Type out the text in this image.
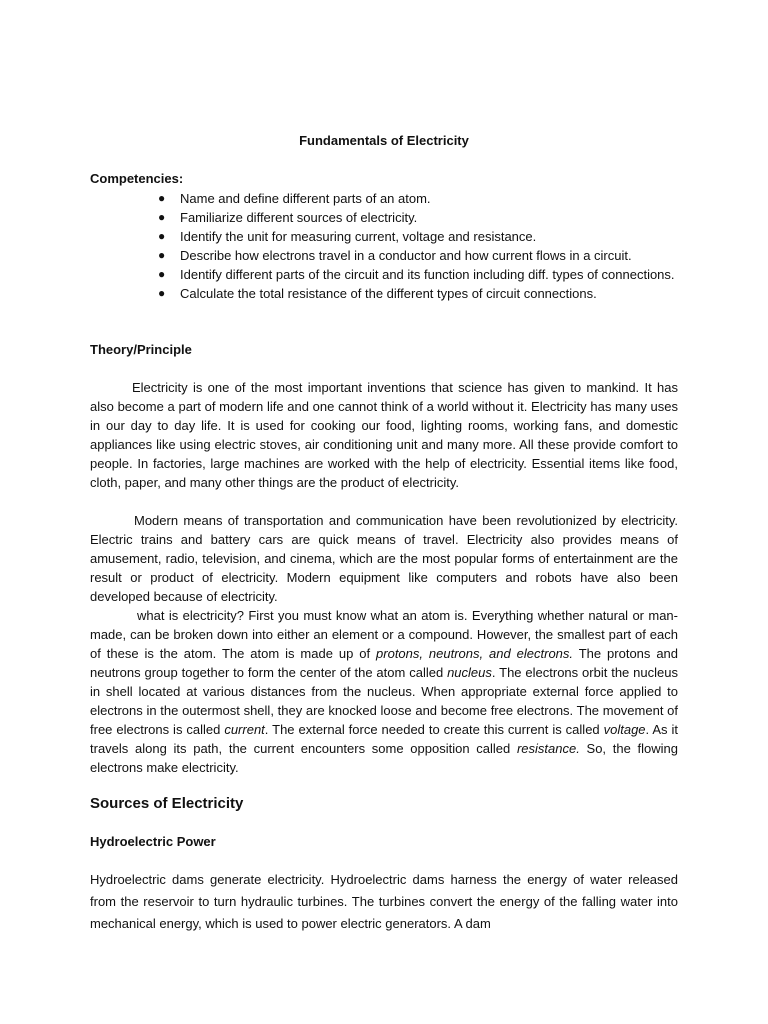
Fundamentals of Electricity
Competencies:
● Name and define different parts of an atom.
● Familiarize different sources of electricity.
● Identify the unit for measuring current, voltage and resistance.
● Describe how electrons travel in a conductor and how current flows in a circuit.
● Identify different parts of the circuit and its function including diff. types of connections.
● Calculate the total resistance of the different types of circuit connections.
Theory/Principle

Electricity is one of the most important inventions that science has given to mankind. It has also become a part of modern life and one cannot think of a world without it. Electricity has many uses in our day to day life. It is used for cooking our food, lighting rooms, working fans, and domestic appliances like using electric stoves, air conditioning unit and many more. All these provide comfort to people. In factories, large machines are worked with the help of electricity. Essential items like food, cloth, paper, and many other things are the product of electricity.

Modern means of transportation and communication have been revolutionized by electricity. Electric trains and battery cars are quick means of travel. Electricity also provides means of amusement, radio, television, and cinema, which are the most popular forms of entertainment are the result or product of electricity. Modern equipment like computers and robots have also been developed because of electricity.

what is electricity? First you must know what an atom is. Everything whether natural or man-made, can be broken down into either an element or a compound. However, the smallest part of each of these is the atom. The atom is made up of protons, neutrons, and electrons. The protons and neutrons group together to form the center of the atom called nucleus. The electrons orbit the nucleus in shell located at various distances from the nucleus. When appropriate external force applied to electrons in the outermost shell, they are knocked loose and become free electrons. The movement of free electrons is called current. The external force needed to create this current is called voltage. As it travels along its path, the current encounters some opposition called resistance. So, the flowing electrons make electricity.

Sources of Electricity
Hydroelectric Power

Hydroelectric dams generate electricity. Hydroelectric dams harness the energy of water released from the reservoir to turn hydraulic turbines. The turbines convert the energy of the falling water into mechanical energy, which is used to power electric generators. A dam
